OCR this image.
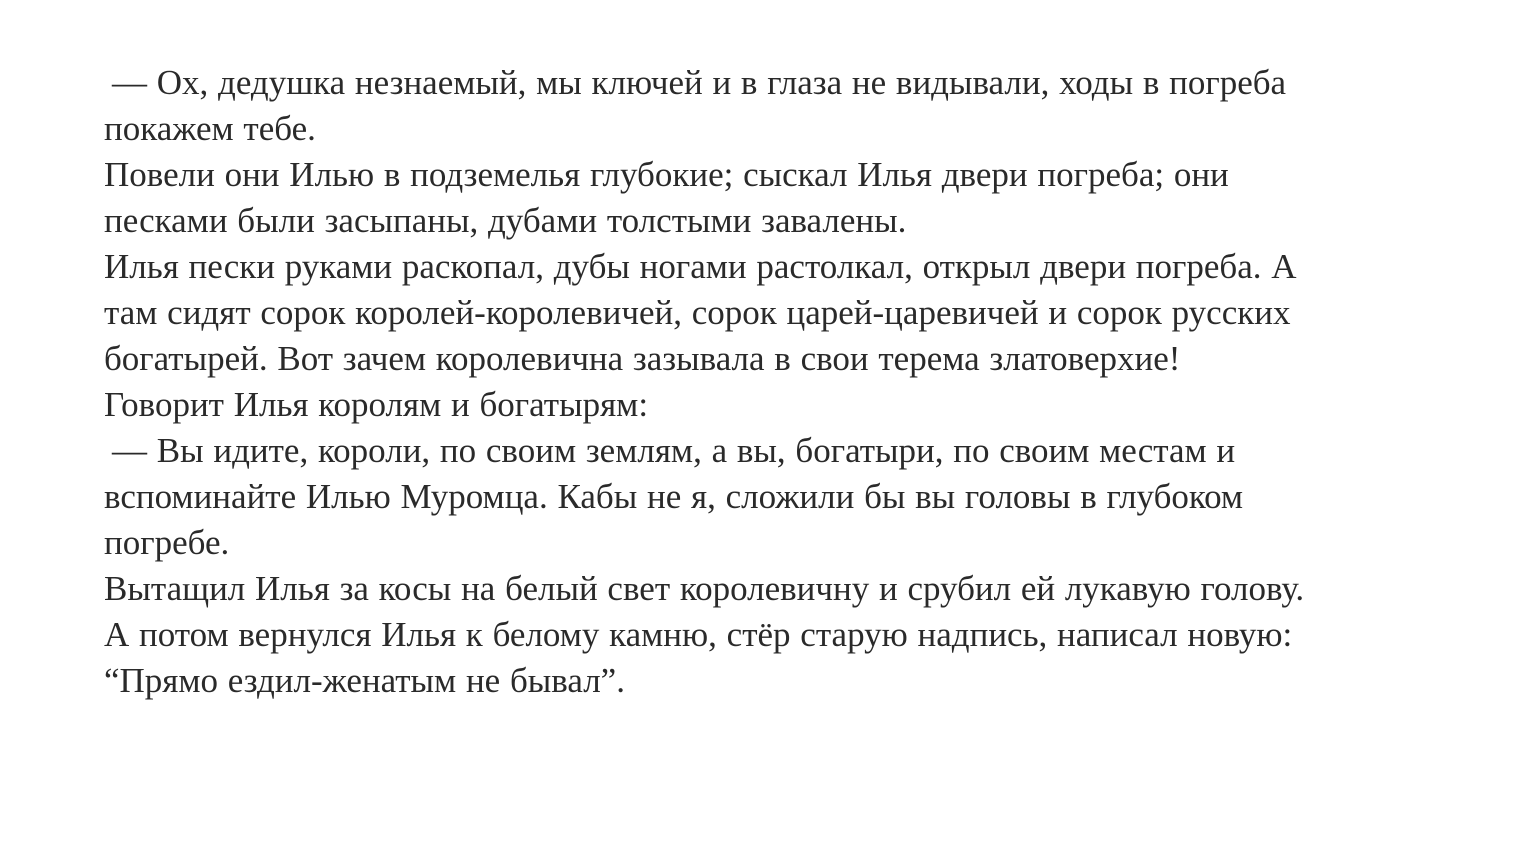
— Ох, дедушка незнаемый, мы ключей и в глаза не видывали, ходы в погреба

покажем тебе.

Повели они Илью в подземелья глубокие; сыскал Илья двери погреба; они

песками были засыпаны, дубами толстыми завалены.

Илья пески руками раскопал, дубы ногами растолкал, открыл двери погреба. А

там сидят сорок королей-королевичей, сорок царей-царевичей и сорок русских

богатырей. Вот зачем королевична зазывала в свои терема златоверхие!

Говорит Илья королям и богатырям:

— Вы идите, короли, по своим землям, а вы, богатыри, по своим местам и

вспоминайте Илью Муромца. Кабы не я, сложили бы вы головы в глубоком

погребе.

Вытащил Илья за косы на белый свет королевичну и срубил ей лукавую голову.

А потом вернулся Илья к белому камню, стёр старую надпись, написал новую:

“Прямо ездил-женатым не бывал”.
